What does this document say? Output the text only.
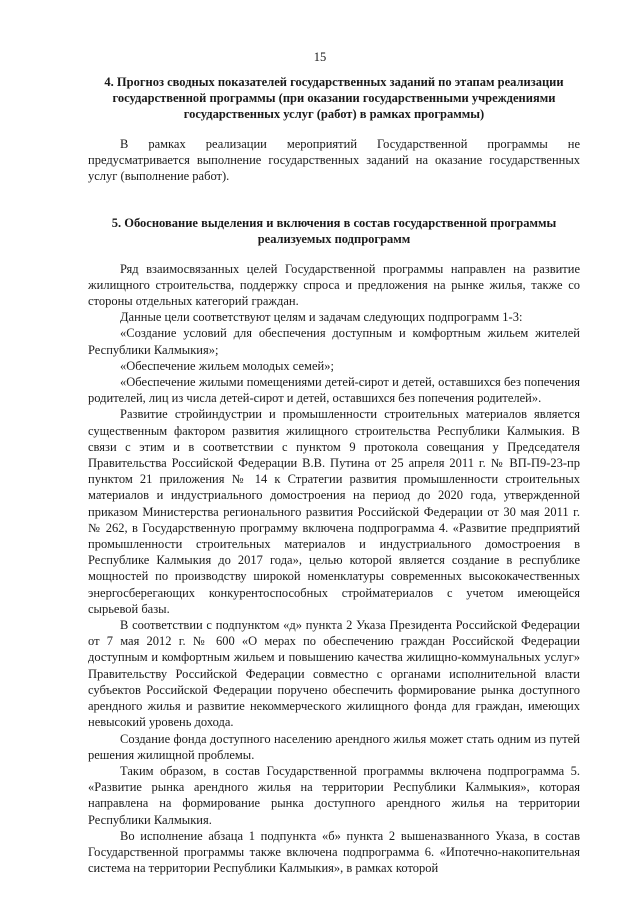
15

4. Прогноз сводных показателей государственных заданий по этапам реализации государственной программы (при оказании государственными учреждениями государственных услуг (работ) в рамках программы)

В рамках реализации мероприятий Государственной программы не предусматривается выполнение государственных заданий на оказание государственных услуг (выполнение работ).

5. Обоснование выделения и включения в состав государственной программы реализуемых подпрограмм

Ряд взаимосвязанных целей Государственной программы направлен на развитие жилищного строительства, поддержку спроса и предложения на рынке жилья, также со стороны отдельных категорий граждан.

Данные цели соответствуют целям и задачам следующих подпрограмм 1-3:

«Создание условий для обеспечения доступным и комфортным жильем жителей Республики Калмыкия»;

«Обеспечение жильем молодых семей»;

«Обеспечение жилыми помещениями детей-сирот и детей, оставшихся без попечения родителей, лиц из числа детей-сирот и детей, оставшихся без попечения родителей».

Развитие стройиндустрии и промышленности строительных материалов является существенным фактором развития жилищного строительства Республики Калмыкия. В связи с этим и в соответствии с пунктом 9 протокола совещания у Председателя Правительства Российской Федерации В.В. Путина от 25 апреля 2011 г. № ВП-П9-23-пр пунктом 21 приложения № 14 к Стратегии развития промышленности строительных материалов и индустриального домостроения на период до 2020 года, утвержденной приказом Министерства регионального развития Российской Федерации от 30 мая 2011 г. № 262, в Государственную программу включена подпрограмма 4. «Развитие предприятий промышленности строительных материалов и индустриального домостроения в Республике Калмыкия до 2017 года», целью которой является создание в республике мощностей по производству широкой номенклатуры современных высококачественных энергосберегающих конкурентоспособных стройматериалов с учетом имеющейся сырьевой базы.

В соответствии с подпунктом «д» пункта 2 Указа Президента Российской Федерации от 7 мая 2012 г. № 600 «О мерах по обеспечению граждан Российской Федерации доступным и комфортным жильем и повышению качества жилищно-коммунальных услуг» Правительству Российской Федерации совместно с органами исполнительной власти субъектов Российской Федерации поручено обеспечить формирование рынка доступного арендного жилья и развитие некоммерческого жилищного фонда для граждан, имеющих невысокий уровень дохода.

Создание фонда доступного населению арендного жилья может стать одним из путей решения жилищной проблемы.

Таким образом, в состав Государственной программы включена подпрограмма 5. «Развитие рынка арендного жилья на территории Республики Калмыкия», которая направлена на формирование рынка доступного арендного жилья на территории Республики Калмыкия.

Во исполнение абзаца 1 подпункта «б» пункта 2 вышеназванного Указа, в состав Государственной программы также включена подпрограмма 6. «Ипотечно-накопительная система на территории Республики Калмыкия», в рамках которой
